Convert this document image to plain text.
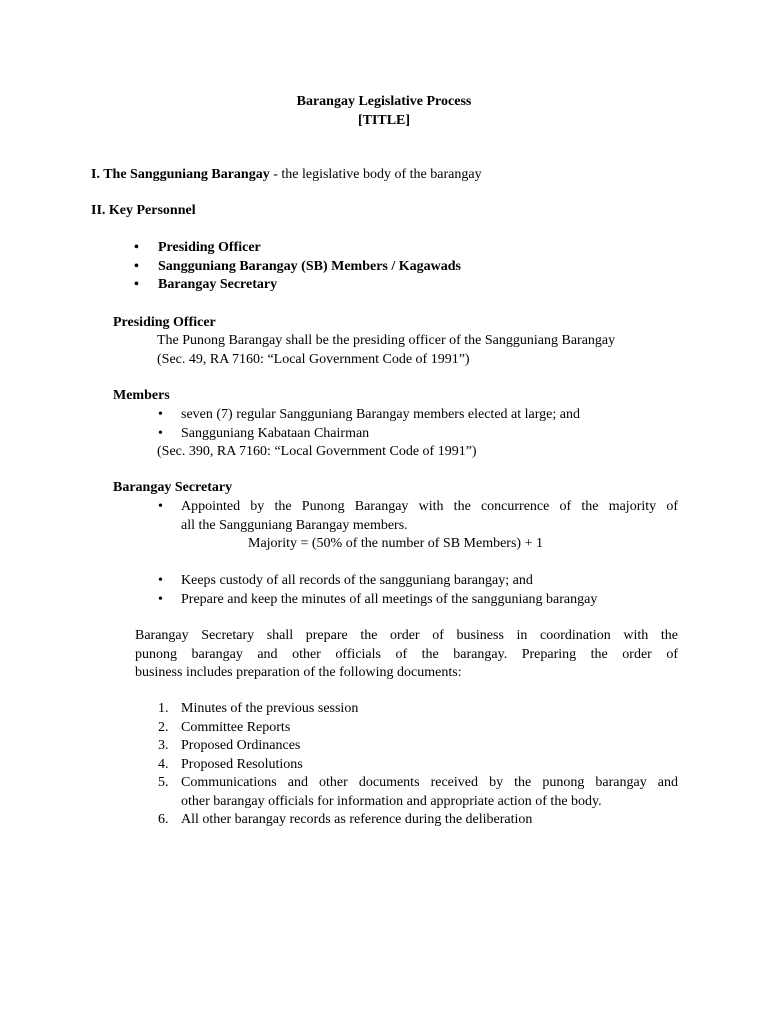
Barangay Legislative Process
[TITLE]
I. The Sangguniang Barangay - the legislative body of the barangay
II. Key Personnel
• Presiding Officer
• Sangguniang Barangay (SB) Members / Kagawads
• Barangay Secretary
Presiding Officer
The Punong Barangay shall be the presiding officer of the Sangguniang Barangay
(Sec. 49, RA 7160: “Local Government Code of 1991”)
Members
• seven (7) regular Sangguniang Barangay members elected at large; and
• Sangguniang Kabataan Chairman
(Sec. 390, RA 7160: “Local Government Code of 1991”)
Barangay Secretary
• Appointed by the Punong Barangay with the concurrence of the majority of
all the Sangguniang Barangay members.
Majority = (50% of the number of SB Members) + 1
• Keeps custody of all records of the sangguniang barangay; and
• Prepare and keep the minutes of all meetings of the sangguniang barangay
Barangay Secretary shall prepare the order of business in coordination with the
punong barangay and other officials of the barangay. Preparing the order of
business includes preparation of the following documents:
1. Minutes of the previous session
2. Committee Reports
3. Proposed Ordinances
4. Proposed Resolutions
5. Communications and other documents received by the punong barangay and
other barangay officials for information and appropriate action of the body.
6. All other barangay records as reference during the deliberation
